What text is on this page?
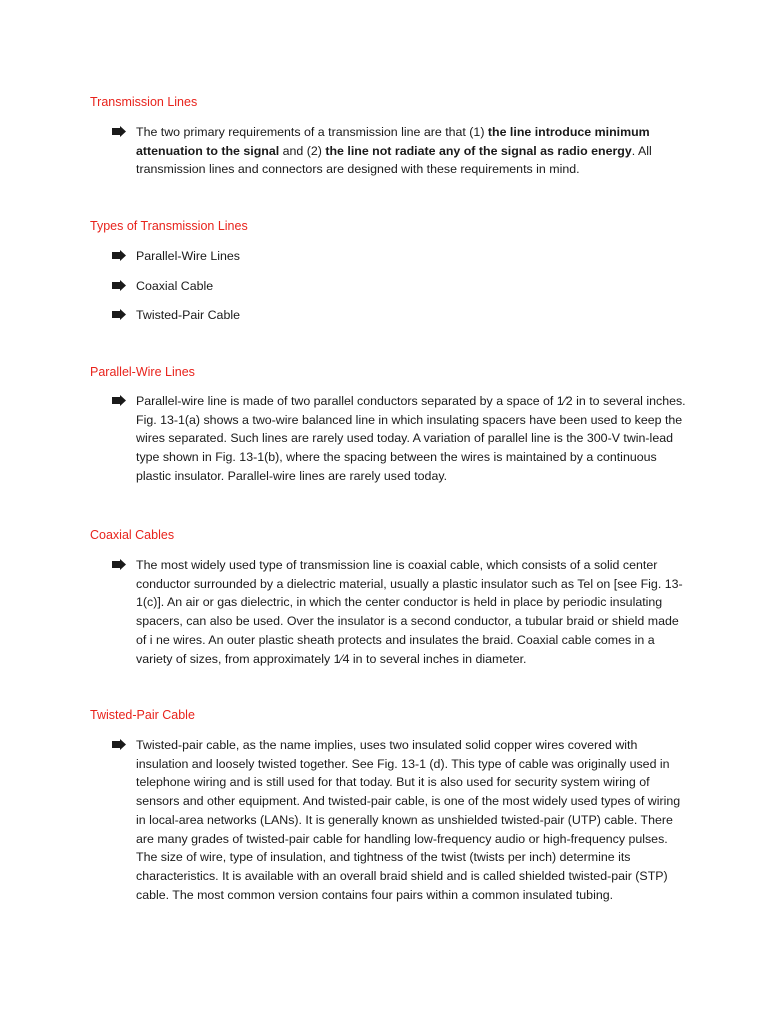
Transmission Lines

The two primary requirements of a transmission line are that (1) the line introduce minimum attenuation to the signal and (2) the line not radiate any of the signal as radio energy. All transmission lines and connectors are designed with these requirements in mind.

Types of Transmission Lines
Parallel-Wire Lines
Coaxial Cable
Twisted-Pair Cable
Parallel-Wire Lines

Parallel-wire line is made of two parallel conductors separated by a space of 1⁄2 in to several inches. Fig. 13-1(a) shows a two-wire balanced line in which insulating spacers have been used to keep the wires separated. Such lines are rarely used today. A variation of parallel line is the 300-V twin-lead type shown in Fig. 13-1(b), where the spacing between the wires is maintained by a continuous plastic insulator. Parallel-wire lines are rarely used today.

Coaxial Cables

The most widely used type of transmission line is coaxial cable, which consists of a solid center conductor surrounded by a dielectric material, usually a plastic insulator such as Tel on [see Fig. 13-1(c)]. An air or gas dielectric, in which the center conductor is held in place by periodic insulating spacers, can also be used. Over the insulator is a second conductor, a tubular braid or shield made of i ne wires. An outer plastic sheath protects and insulates the braid. Coaxial cable comes in a variety of sizes, from approximately 1⁄4 in to several inches in diameter.

Twisted-Pair Cable

Twisted-pair cable, as the name implies, uses two insulated solid copper wires covered with insulation and loosely twisted together. See Fig. 13-1 (d). This type of cable was originally used in telephone wiring and is still used for that today. But it is also used for security system wiring of sensors and other equipment. And twisted-pair cable, is one of the most widely used types of wiring in local-area networks (LANs). It is generally known as unshielded twisted-pair (UTP) cable. There are many grades of twisted-pair cable for handling low-frequency audio or high-frequency pulses. The size of wire, type of insulation, and tightness of the twist (twists per inch) determine its characteristics. It is available with an overall braid shield and is called shielded twisted-pair (STP) cable. The most common version contains four pairs within a common insulated tubing.
